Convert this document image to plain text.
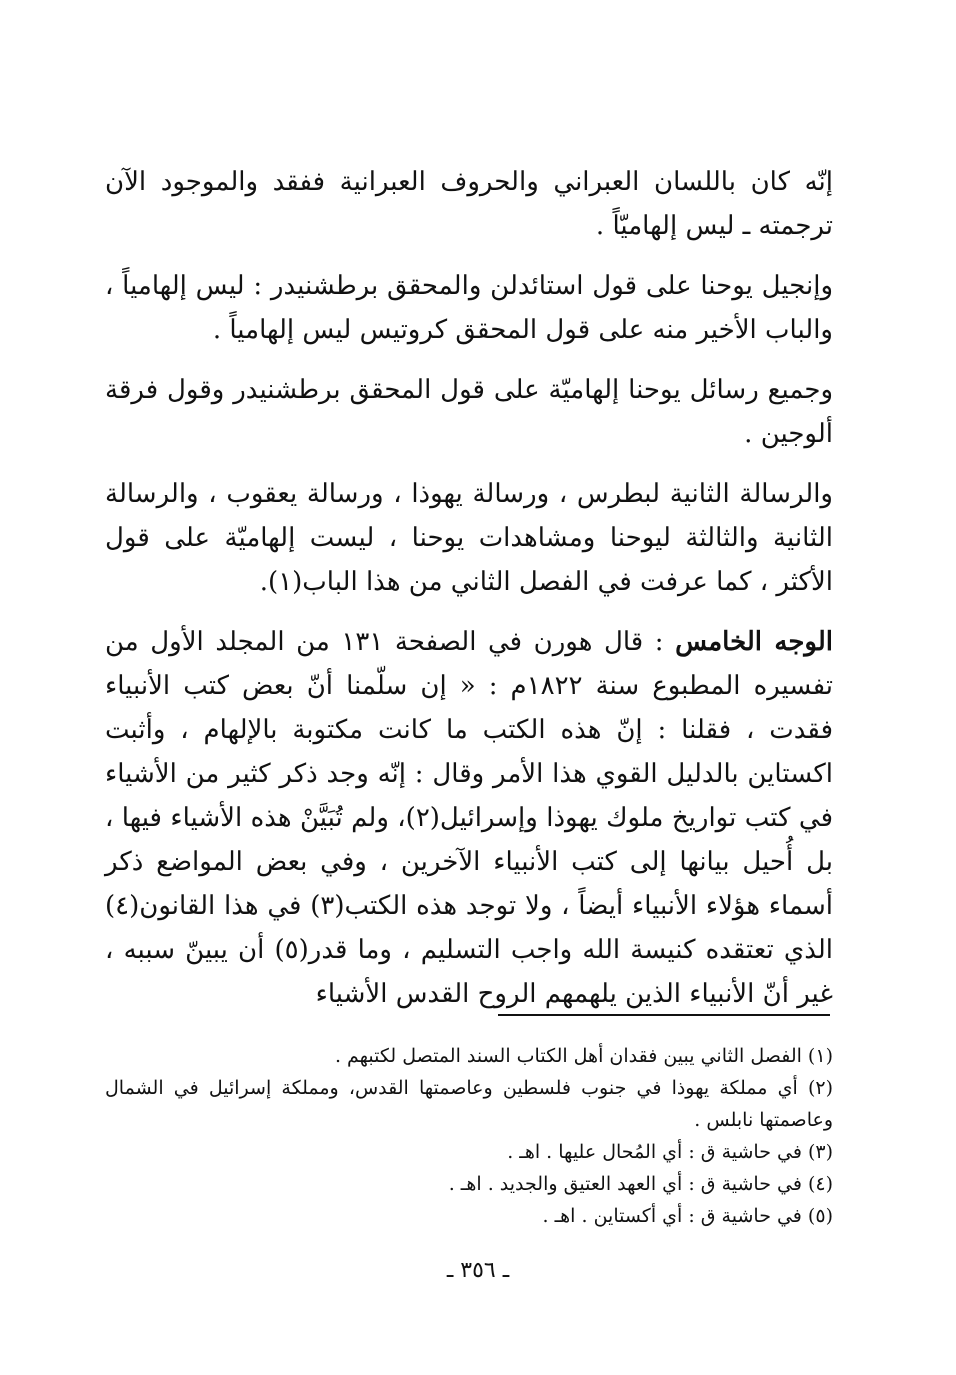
إنّه كان باللسان العبراني والحروف العبرانية ففقد والموجود الآن ترجمته ـ ليس إلهاميّاً .

وإنجيل يوحنا على قول استائدلن والمحقق برطشنيدر : ليس إلهامياً ، والباب الأخير منه على قول المحقق كروتيس ليس إلهامياً .

وجميع رسائل يوحنا إلهاميّة على قول المحقق برطشنيدر وقول فرقة ألوجين .

والرسالة الثانية لبطرس ، ورسالة يهوذا ، ورسالة يعقوب ، والرسالة الثانية والثالثة ليوحنا ومشاهدات يوحنا ، ليست إلهاميّة على قول الأكثر ، كما عرفت في الفصل الثاني من هذا الباب(١).

الوجه الخامس : قال هورن في الصفحة ١٣١ من المجلد الأول من تفسيره المطبوع سنة ١٨٢٢م : « إن سلّمنا أنّ بعض كتب الأنبياء فقدت ، فقلنا : إنّ هذه الكتب ما كانت مكتوبة بالإلهام ، وأثبت اكستاين بالدليل القوي هذا الأمر وقال : إنّه وجد ذكر كثير من الأشياء في كتب تواريخ ملوك يهوذا وإسرائيل(٢)، ولم تُبَيَّنْ هذه الأشياء فيها ، بل أُحيل بيانها إلى كتب الأنبياء الآخرين ، وفي بعض المواضع ذكر أسماء هؤلاء الأنبياء أيضاً ، ولا توجد هذه الكتب(٣) في هذا القانون(٤) الذي تعتقده كنيسة الله واجب التسليم ، وما قدر(٥) أن يبينّ سببه ، غير أنّ الأنبياء الذين يلهمهم الروح القدس الأشياء

(١) الفصل الثاني يبين فقدان أهل الكتاب السند المتصل لكتبهم .

(٢) أي مملكة يهوذا في جنوب فلسطين وعاصمتها القدس، ومملكة إسرائيل في الشمال وعاصمتها نابلس .

(٣) في حاشية ق : أي المُحال عليها . اهـ .

(٤) في حاشية ق : أي العهد العتيق والجديد . اهـ .

(٥) في حاشية ق : أي أكستاين . اهـ .

ـ ٣٥٦ ـ
